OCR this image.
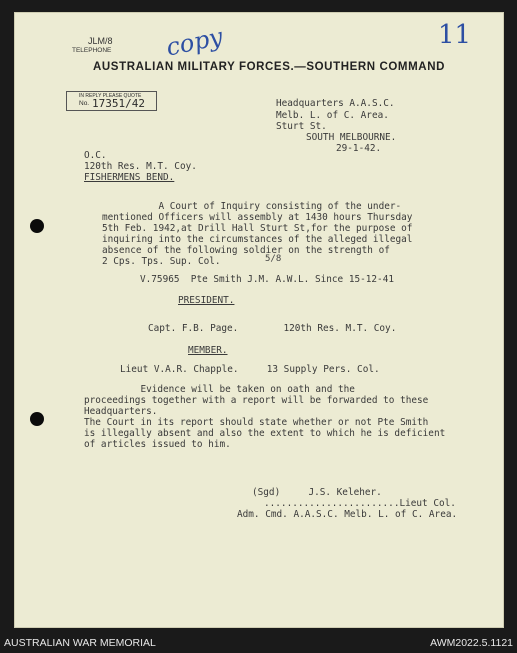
JLM/8
TELEPHONE copy	11
AUSTRALIAN MILITARY FORCES.—SOUTHERN COMMAND
IN REPLY PLEASE QUOTE
No. 17351/42	Headquarters A.A.S.C.
Melb. L. of C. Area.
Sturt St.
SOUTH MELBOURNE.
29-1-42.
O.C.
120th Res. M.T. Coy.
FISHERMENS BEND.
A Court of Inquiry consisting of the under-
mentioned Officers will assembly at 1430 hours Thursday
5th Feb. 1942,at Drill Hall Sturt St,for the purpose of
inquiring into the circumstances of the alleged illegal
absence of the following soldier on the strength of
2 Cps. Tps. Sup. Col.	5/8
V.75965  Pte Smith J.M. A.W.L. Since 15-12-41
PRESIDENT.
Capt. F.B. Page.        120th Res. M.T. Coy.
MEMBER.
Lieut V.A.R. Chapple.     13 Supply Pers. Col.
Evidence will be taken on oath and the
proceedings together with a report will be forwarded to these
Headquarters.
The Court in its report should state whether or not Pte Smith
is illegally absent and also the extent to which he is deficient
of articles issued to him.
(Sgd)     J.S. Keleher.
........................Lieut Col.
Adm. Cmd. A.A.S.C. Melb. L. of C. Area.
AUSTRALIAN WAR MEMORIAL	AWM2022.5.1121
